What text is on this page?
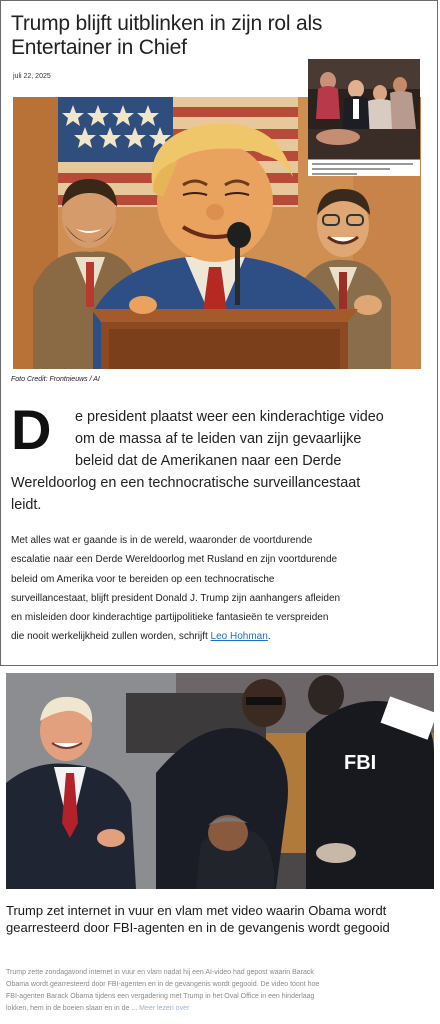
Trump blijft uitblinken in zijn rol als Entertainer in Chief
juli 22, 2025
Foto Credit: Frontnieuws / AI
D	e president plaatst weer een kinderachtige video
om de massa af te leiden van zijn gevaarlijke
beleid dat de Amerikanen naar een Derde
Wereldoorlog en een technocratische surveillancestaat
leidt.
Met alles wat er gaande is in de wereld, waaronder de voortdurende
escalatie naar een Derde Wereldoorlog met Rusland en zijn voortdurende
beleid om Amerika voor te bereiden op een technocratische
surveillancestaat, blijft president Donald J. Trump zijn aanhangers afleiden
en misleiden door kinderachtige partijpolitieke fantasieën te verspreiden
die nooit werkelijkheid zullen worden, schrijft Leo Hohman.
FBI
Trump zet internet in vuur en vlam met video waarin Obama wordt gearresteerd door FBI-agenten en in de gevangenis wordt gegooid
Trump zette zondagavond internet in vuur en vlam nadat hij een AI-video had gepost waarin Barack
Obama wordt gearresteerd door FBI-agenten en in de gevangenis wordt gegooid. De video toont hoe
FBI-agenten Barack Obama tijdens een vergadering met Trump in het Oval Office in een hinderlaag
lokken, hem in de boeien slaan en in de ... Meer lezen over
